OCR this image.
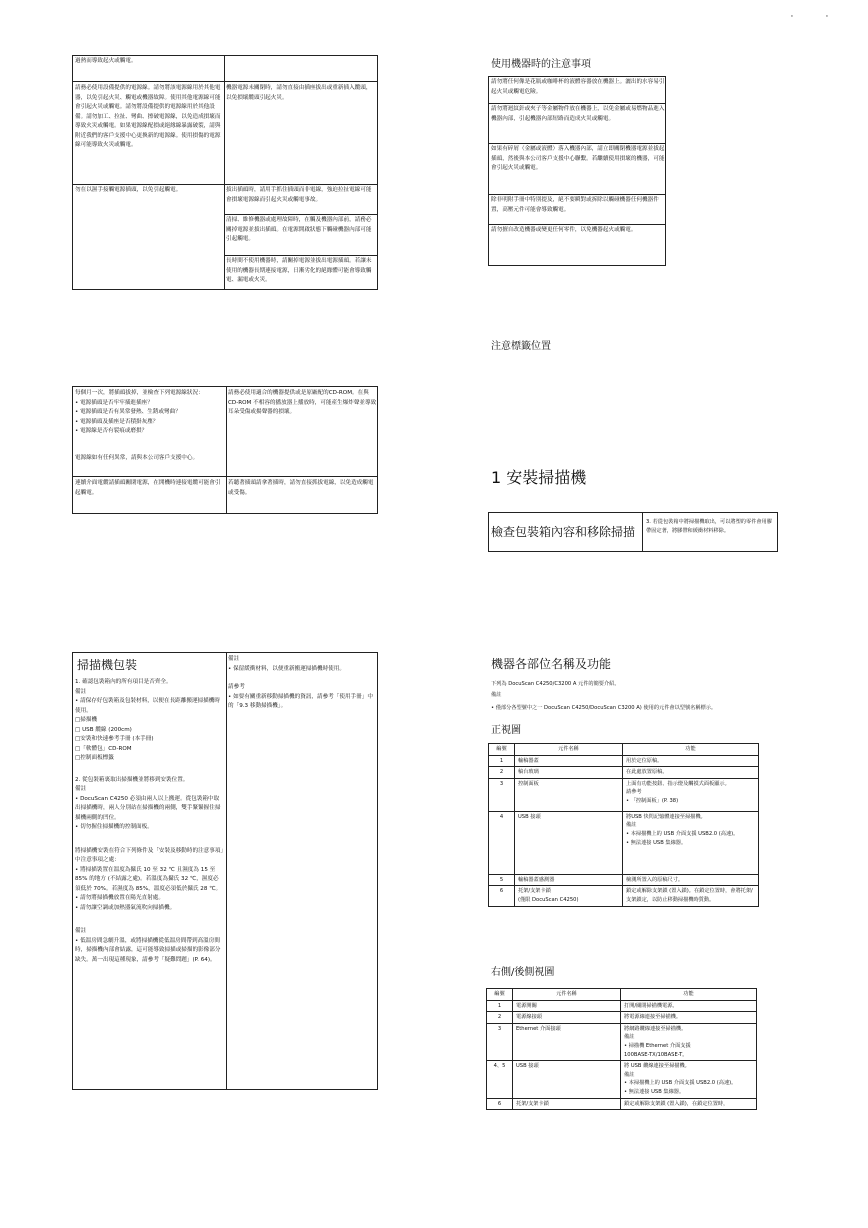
'	'
過熱而導致起火或觸電。
請務必使用設備提供的電源線。請勿將該電源線用於其他電器，以免引起火災、觸電或機器故障。使用其他電源線可能會引起火災或觸電。請勿將設備提供的電源線用於其他設備。請勿加工、拉扯、彎曲、擦破電源線，以免造成損壞而導致火災或觸電。如果電源線配損或絕緣線暴露破裂，請與附近我們的客戶支援中心更換新的電源線。使用損傷的電源線可能導致火災或觸電。
機器電源未關閉時，請勿直接由插座拔出或重新插入纜頭，以免損壞纜頭引起火災。
勿在以濕手接觸電源插頭，以免引起觸電。	拔出插頭時，請用手抓住插頭而非電線，強迫拉扯電線可能會損壞電源線而引起火災或觸電事故。
清掃、維修機器或處理故障時，在觸及機器內部前，請務必關掉電源並拔出插頭。在電源開啟狀態下觸碰機器內部可能引起觸電。
長時間不使用機器時，請關掉電源並拔出電源插頭。若讓未使用的機器長期連接電源，日漸劣化的絕緣體可能會導致觸電、漏電或火災。
使用機器時的注意事項
請勿將任何像是花瓶或咖啡杯的液體容器放在機器上。灑出的水容易引起火災或觸電危險。
請勿將迴紋針或夾子等金屬物件放在機器上，以免金屬或易燃物品進入機器內部，引起機器內部短路而造成火災或觸電。
如果有碎屑（金屬或液體）落入機器內部，請立即關閉機器電源並拔起插頭，然後與本公司客戶支援中心聯繫。若繼續使用損壞的機器，可能會引起火災或觸電。
除非明附手冊中特別提及，絕不要瞬對或拆除以觸碰機器任何機器件置，高壓元件可能會導致觸電。
請勿擅自改造機器或變更任何零件，以免機器起火或觸電。
注意標籤位置
每個月一次，將插頭拔掉，並檢查下列電源線狀況：
• 電源插頭是否牢牢插進插座？
• 電源插頭是否有異常發熱、生銹或彎曲？
• 電源插頭及插座是否積掛灰塵？
• 電源線是否有裂痕或磨損？
電源線如有任何異常，請與本公司客戶支援中心。
請務必使用適合的機器提供或是原廠配的CD-ROM。在與 CD-ROM 不相容的播放器上播放時，可能產生爆炸聲並導致耳朵受傷或揚聲器的損壞。
連續介面電纜請插頭關閉電源，在開機時連接電纜可能會引起觸電。
若聽著插頭請拿著插時，請勿直接抓拔電線，以免造成觸電或受傷。
1 安裝掃描機
檢查包裝箱內容和移除掃描
3. 若從包裝箱中將掃描機取出，可以將塑的零件會用膠帶固定著，將膠帶和緩衝材料移除。
掃描機包裝
1. 確認包裝箱內的所有項目是否齊全。
備註
• 請保存好包裝箱及包裝材料，以便在長距離搬運掃描機時使用。
□掃描機
□ USB 纜線 (200cm)
□安裝和快速參考手冊 (本手冊)
□「軟體包」CD-ROM
□控制面板標籤
2. 從包裝箱裏取出掃描機並將移到安裝位置。
備註
• DocuScan C4250 必須由兩人以上搬運。從包裝箱中取出掃描機時，兩人分別站在掃描機的兩側，雙手緊緊握住掃描機兩側的凹位。
• 切勿握住掃描機的控制面板。
將掃描機安裝在符合下列條件及「安裝及移動時的注意事項」中注意事項之處：
• 將掃描裝置在溫度為攝氏 10 至 32 ℃ 且濕度為 15 至 85% 的地方 (不結露之處)。若溫度為攝氏 32 ℃，濕度必須低於 70%。若濕度為 85%，溫度必須低於攝氏 28 ℃。
• 請勿將掃描機放置在陽光直射處。
• 請勿讓空調或加熱器氣流吹向掃描機。
備註
• 低溫房間急劇升溫，或將掃描機從低溫房間帶到高溫房間時，掃描機內部會結露，這可能導致掃描或掃描的影像部分缺失。萬一出現這種現象，請參考「疑難問題」(P. 64)。
備註
• 保留緩衝材料，以便重新搬運掃描機時使用。
請參考
• 如要有關重新移動掃描機的資訊，請參考「使用手冊」中的「9.3 移動掃描機」。
機器各部位名稱及功能
下列為 DocuScan C4250/C3200 A 元件的簡要介紹。
備註
• 僅部分各型號中之一 DocuScan C4250/DocuScan C3200 A) 使用的元件會以型號名稱標示。
正視圖
編號	元件名稱	功能
1	輸稿器蓋	用於定位原稿。
2	稿台玻璃	在此處放置原稿。
3	控制面板	上面有功能按鈕、指示燈及觸摸式面板顯示。
請參考
• 「控制面板」(P. 38)
4	USB 接頭	將USB 快閃記憶體連接至掃描機。
備註
• 本掃描機上的 USB 介面支援 USB2.0 (高速)。
• 無法連接 USB 集線器。
5	輸稿器蓋感測器	檢測所置入的原稿尺寸。
6	托架/支架卡鎖
(僅限 DocuScan C4250)	鎖定或解除支架鎖 (置入鎖)。在鎖定位置時，會將托架/支架鎖定，以防止移動掃描機時質動。
右側/後側視圖
編號	元件名稱	功能
1	電源開關	打開/關閉掃描機電源。
2	電源線接頭	將電源線連接至掃描機。
3	Ethernet 介面接頭	將網路纜線連接至掃描機。
備註
• 掃描機 Ethernet 介面支援
100BASE-TX/10BASE-T。
4、5	USB 接頭	將 USB 纜線連接至掃描機。
備註
• 本掃描機上的 USB 介面支援 USB2.0 (高速)。
• 無法連接 USB 集線器。
6	托架/支架卡鎖	鎖定或解除支架鎖 (置入鎖)，在鎖定位置時，
